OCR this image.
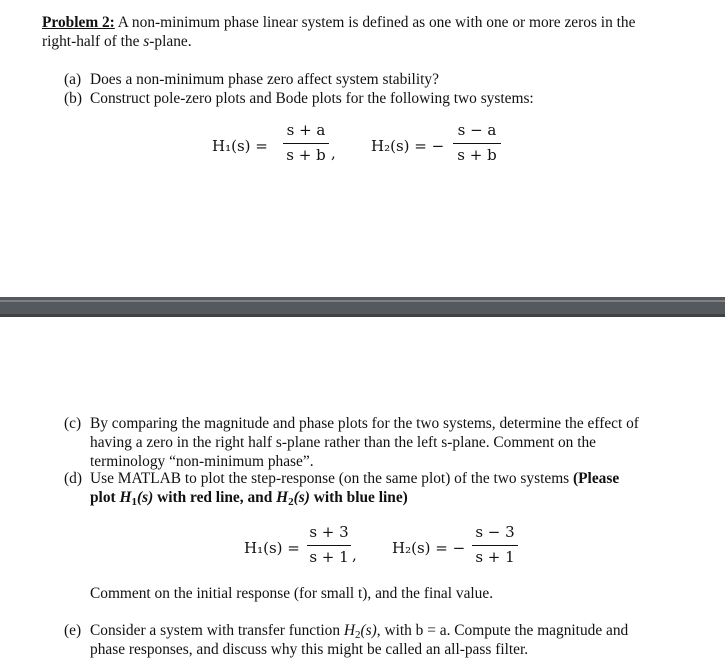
Problem 2: A non-minimum phase linear system is defined as one with one or more zeros in the
right-half of the s-plane.
(a) Does a non-minimum phase zero affect system stability?
(b) Construct pole-zero plots and Bode plots for the following two systems:
H₁(s) =
s + a
s + b , H₂(s) = −
s − a
s + b
(c) By comparing the magnitude and phase plots for the two systems, determine the effect of
having a zero in the right half s-plane rather than the left s-plane. Comment on the
terminology “non-minimum phase”.
(d) Use MATLAB to plot the step-response (on the same plot) of the two systems (Please
plot $H_1(s)$ with red line, and $H_2(s)$ with blue line)
H₁(s) =
s + 3
s + 1 , H₂(s) = −
s − 3
s + 1
Comment on the initial response (for small t), and the final value.
(e) Consider a system with transfer function $H_2(s)$, with b = a. Compute the magnitude and
phase responses, and discuss why this might be called an all-pass filter.
